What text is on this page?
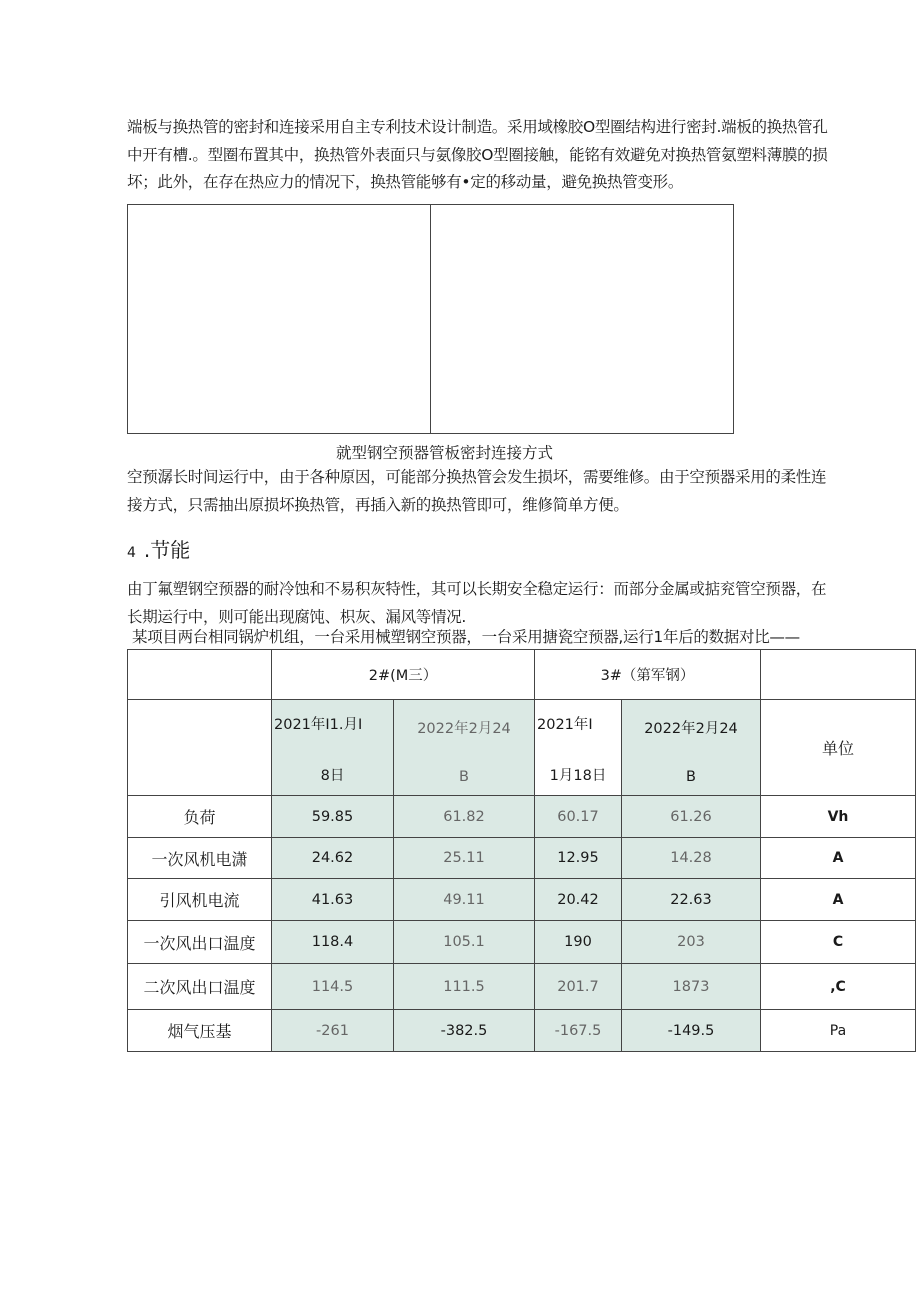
端板与换热管的密封和连接采用自主专利技术设计制造。采用域橡胶O型圈结构进行密封.端板的换热管孔
中开有槽.。型圈布置其中，换热管外表面只与氨像胶O型圈接触，能铭有效避免对换热管氨塑料薄膜的损
坏；此外，在存在热应力的情况下，换热管能够有•定的移动量，避免换热管变形。

就型钢空预器管板密封连接方式

空预潺长时间运行中，由于各种原因，可能部分换热管会发生损坏，需要维修。由于空预器采用的柔性连
接方式，只需抽出原损坏换热管，再插入新的换热管即可，维修简单方便。

4 .节能

由丁氟塑钢空预器的耐冷蚀和不易积灰特性，其可以长期安全稳定运行：而部分金属或掂兖管空预器，在
长期运行中，则可能出现腐饨、枳灰、漏风等情况.

某项目两台相同锅炉机组，一台采用械塑钢空预器，一台采用搪瓷空预器,运行1年后的数据对比——
	2#(M三）		3#（第军钢）		

	2021年I1.月I
8日	2022年2月24
B	2021年I
1月18日	2022年2月24
B	单位
负荷	59.85	61.82	60.17	61.26	Vh
一次风机电潇	24.62	25.11	12.95	14.28	A
引风机电流	41.63	49.11	20.42	22.63	A
一次风出口温度	118.4	105.1	190	203	C
二次风出口温度	114.5	111.5	201.7	1873	,C
烟气压基	-261	-382.5	-167.5	-149.5	Pa
